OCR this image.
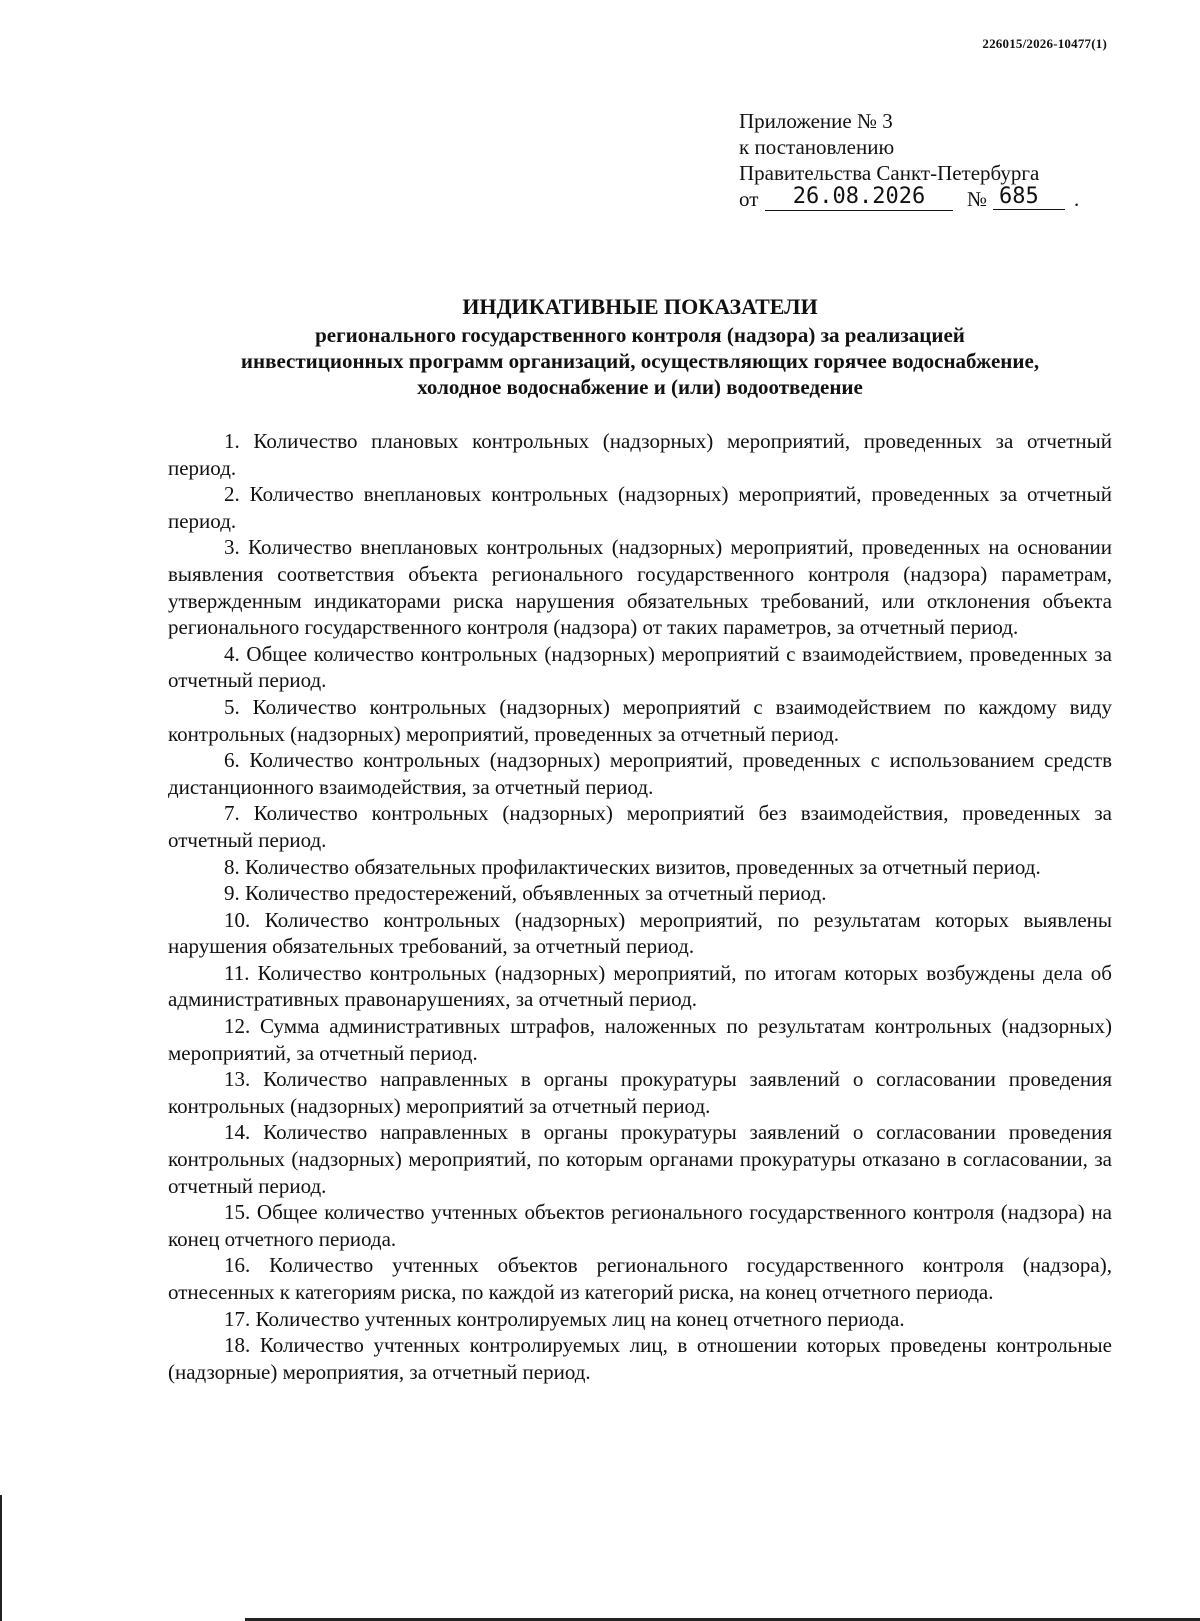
226015/2026-10477(1)
Приложение № 3
к постановлению
Правительства Санкт-Петербурга
от	26.08.2026	№ 685	.
ИНДИКАТИВНЫЕ ПОКАЗАТЕЛИ
регионального государственного контроля (надзора) за реализацией
инвестиционных программ организаций, осуществляющих горячее водоснабжение,
холодное водоснабжение и (или) водоотведение

1. Количество плановых контрольных (надзорных) мероприятий, проведенных за отчетный период.

2. Количество внеплановых контрольных (надзорных) мероприятий, проведенных за отчетный период.

3. Количество внеплановых контрольных (надзорных) мероприятий, проведенных на основании выявления соответствия объекта регионального государственного контроля (надзора) параметрам, утвержденным индикаторами риска нарушения обязательных требований, или отклонения объекта регионального государственного контроля (надзора) от таких параметров, за отчетный период.

4. Общее количество контрольных (надзорных) мероприятий с взаимодействием, проведенных за отчетный период.

5. Количество контрольных (надзорных) мероприятий с взаимодействием по каждому виду контрольных (надзорных) мероприятий, проведенных за отчетный период.

6. Количество контрольных (надзорных) мероприятий, проведенных с использованием средств дистанционного взаимодействия, за отчетный период.

7. Количество контрольных (надзорных) мероприятий без взаимодействия, проведенных за отчетный период.

8. Количество обязательных профилактических визитов, проведенных за отчетный период.

9. Количество предостережений, объявленных за отчетный период.

10. Количество контрольных (надзорных) мероприятий, по результатам которых выявлены нарушения обязательных требований, за отчетный период.

11. Количество контрольных (надзорных) мероприятий, по итогам которых возбуждены дела об административных правонарушениях, за отчетный период.

12. Сумма административных штрафов, наложенных по результатам контрольных (надзорных) мероприятий, за отчетный период.

13. Количество направленных в органы прокуратуры заявлений о согласовании проведения контрольных (надзорных) мероприятий за отчетный период.

14. Количество направленных в органы прокуратуры заявлений о согласовании проведения контрольных (надзорных) мероприятий, по которым органами прокуратуры отказано в согласовании, за отчетный период.

15. Общее количество учтенных объектов регионального государственного контроля (надзора) на конец отчетного периода.

16. Количество учтенных объектов регионального государственного контроля (надзора), отнесенных к категориям риска, по каждой из категорий риска, на конец отчетного периода.

17. Количество учтенных контролируемых лиц на конец отчетного периода.

18. Количество учтенных контролируемых лиц, в отношении которых проведены контрольные (надзорные) мероприятия, за отчетный период.
